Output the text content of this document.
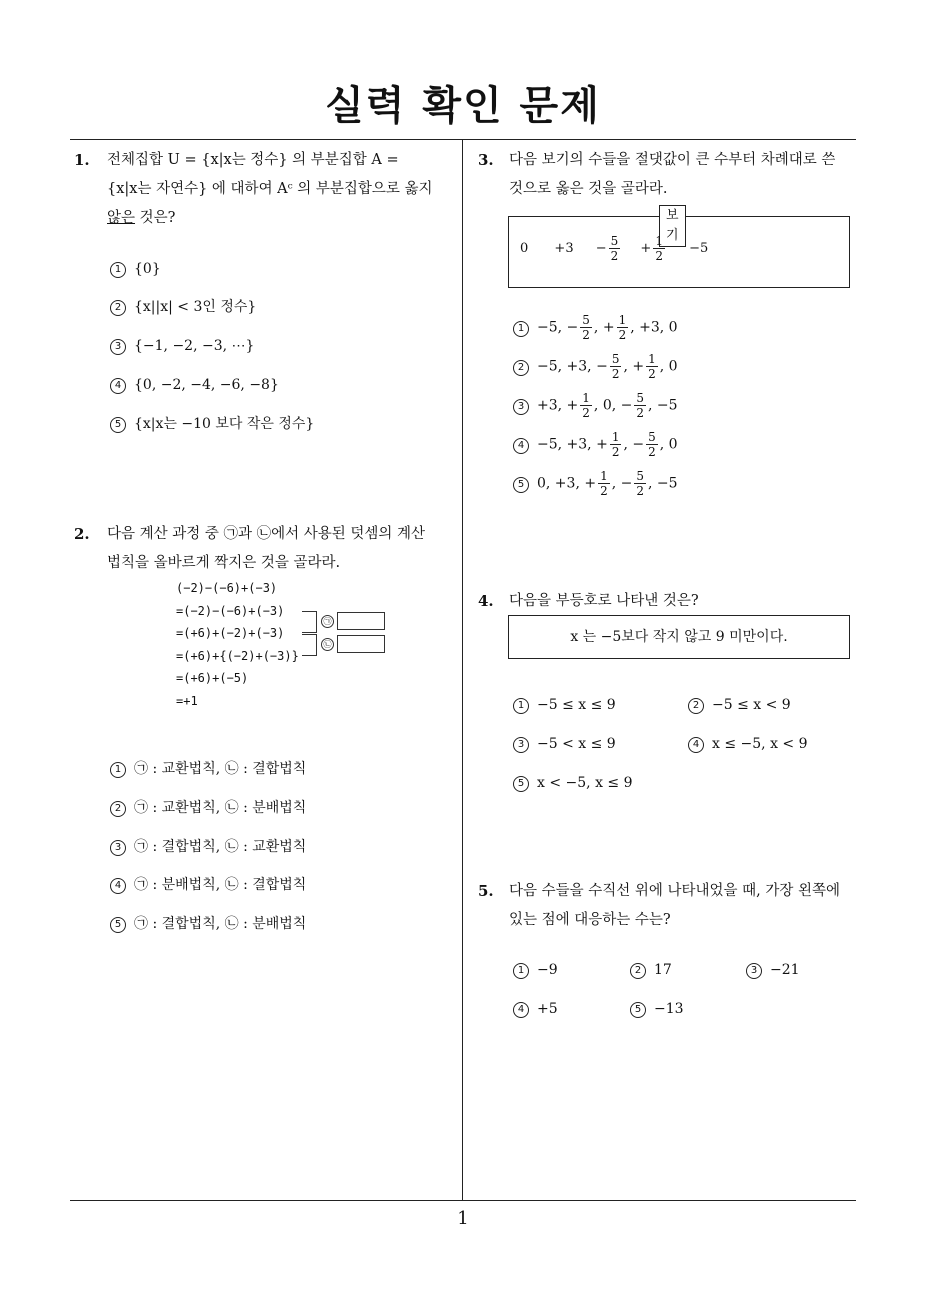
실력 확인 문제
1
1. 전체집합 U = {x|x는 정수} 의 부분집합 A =
{x|x는 자연수} 에 대하여 Aᶜ 의 부분집합으로 옳지
않은 것은?
1 {0}
2 {x||x| < 3인 정수}
3 {−1, −2, −3, ⋯}
4 {0, −2, −4, −6, −8}
5 {x|x는 −10 보다 작은 정수}
2. 다음 계산 과정 중 ㉠과 ㉡에서 사용된 덧셈의 계산
법칙을 올바르게 짝지은 것을 골라라.
(−2)−(−6)+(−3)
=(−2)−(−6)+(−3)
=(+6)+(−2)+(−3)
=(+6)+{(−2)+(−3)}
=(+6)+(−5)
=+1
㉠
㉡
1 ㉠ : 교환법칙, ㉡ : 결합법칙
2 ㉠ : 교환법칙, ㉡ : 분배법칙
3 ㉠ : 결합법칙, ㉡ : 교환법칙
4 ㉠ : 분배법칙, ㉡ : 결합법칙
5 ㉠ : 결합법칙, ㉡ : 분배법칙
3. 다음 보기의 수들을 절댓값이 큰 수부터 차례대로 쓴
것으로 옳은 것을 골라라.
보기
$0 +3 - \frac{5}{2} + \frac{1}{2} -5$
1 −5, − $\frac{5}{2}$ , + $\frac{1}{2}$ , +3, 0
2 −5, +3, − $\frac{5}{2}$ , + $\frac{1}{2}$ , 0
3 +3, + $\frac{1}{2}$ , 0, − $\frac{5}{2}$ , −5
4 −5, +3, + $\frac{1}{2}$ , − $\frac{5}{2}$ , 0
5 0, +3, + $\frac{1}{2}$ , − $\frac{5}{2}$ , −5
4. 다음을 부등호로 나타낸 것은?
x 는 −5보다 작지 않고 9 미만이다.
1 −5 ≤ x ≤ 9	2 −5 ≤ x < 9
3 −5 < x ≤ 9	4 x ≤ −5, x < 9
5 x < −5, x ≤ 9
5. 다음 수들을 수직선 위에 나타내었을 때, 가장 왼쪽에
있는 점에 대응하는 수는?
1 −9	2 17	3 −21
4 +5	5 −13
